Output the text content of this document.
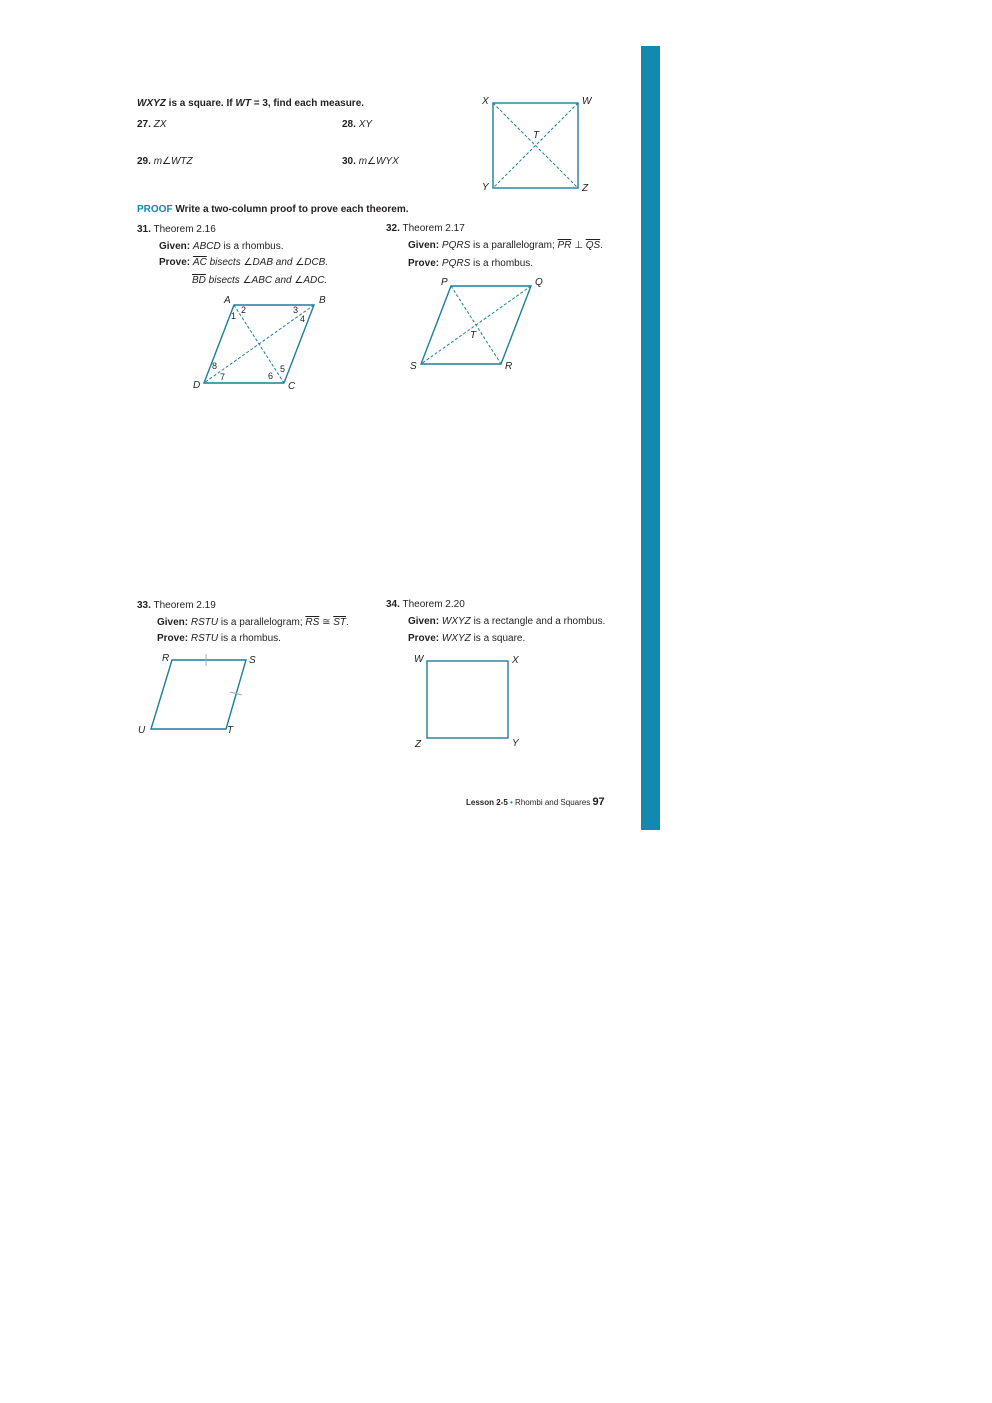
WXYZ is a square. If WT = 3, find each measure.
27. ZX	28. XY
29. m∠WTZ	30. m∠WYX
X	W
T
Y	Z
PROOF Write a two-column proof to prove each theorem.
31. Theorem 2.16
Given: ABCD is a rhombus.
Prove: $\overline{AC}$ bisects ∠DAB and ∠DCB.
$\overline{BD}$ bisects ∠ABC and ∠ADC.
A	B
C
D
1
2	3
4
5
6
7
8
32. Theorem 2.17
Given: PQRS is a parallelogram; $\overline{PR}$ ⊥ $\overline{QS}$.
Prove: PQRS is a rhombus.
P	Q
R
S
T
33. Theorem 2.19
Given: RSTU is a parallelogram; $\overline{RS}$ ≅ $\overline{ST}$.
Prove: RSTU is a rhombus.
R	S
T
U
34. Theorem 2.20
Given: WXYZ is a rectangle and a rhombus.
Prove: WXYZ is a square.
W	X
Y
Z
Lesson 2-5 • Rhombi and Squares 97
